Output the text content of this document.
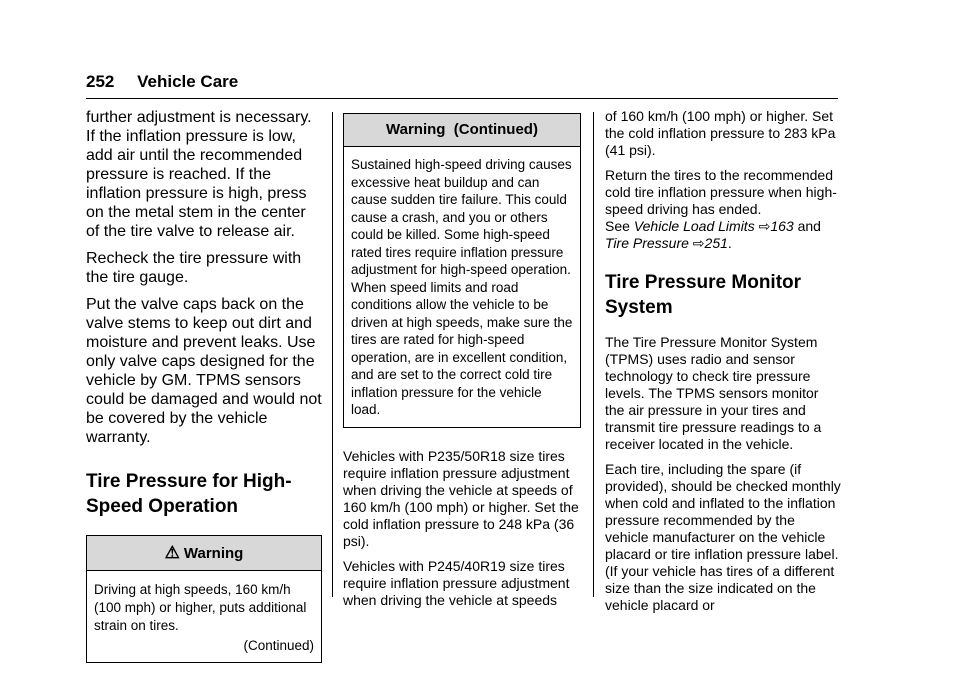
252 Vehicle Care

further adjustment is necessary. If the inflation pressure is low, add air until the recommended pressure is reached. If the inflation pressure is high, press on the metal stem in the center of the tire valve to release air.

Recheck the tire pressure with the tire gauge.

Put the valve caps back on the valve stems to keep out dirt and moisture and prevent leaks. Use only valve caps designed for the vehicle by GM. TPMS sensors could be damaged and would not be covered by the vehicle warranty.

Tire Pressure for High-Speed Operation
⚠ Warning
Driving at high speeds, 160 km/h (100 mph) or higher, puts additional strain on tires.
(Continued)
Warning  (Continued)
Sustained high-speed driving causes excessive heat buildup and can cause sudden tire failure. This could cause a crash, and you or others could be killed. Some high-speed rated tires require inflation pressure adjustment for high-speed operation. When speed limits and road conditions allow the vehicle to be driven at high speeds, make sure the tires are rated for high-speed operation, are in excellent condition, and are set to the correct cold tire inflation pressure for the vehicle load.

Vehicles with P235/50R18 size tires require inflation pressure adjustment when driving the vehicle at speeds of 160 km/h (100 mph) or higher. Set the cold inflation pressure to 248 kPa (36 psi).

Vehicles with P245/40R19 size tires require inflation pressure adjustment when driving the vehicle at speeds

of 160 km/h (100 mph) or higher. Set the cold inflation pressure to 283 kPa (41 psi).

Return the tires to the recommended cold tire inflation pressure when high-speed driving has ended.

See Vehicle Load Limits ⇨163 and
Tire Pressure ⇨251.

Tire Pressure Monitor System

The Tire Pressure Monitor System (TPMS) uses radio and sensor technology to check tire pressure levels. The TPMS sensors monitor the air pressure in your tires and transmit tire pressure readings to a receiver located in the vehicle.

Each tire, including the spare (if provided), should be checked monthly when cold and inflated to the inflation pressure recommended by the vehicle manufacturer on the vehicle placard or tire inflation pressure label. (If your vehicle has tires of a different size than the size indicated on the vehicle placard or
